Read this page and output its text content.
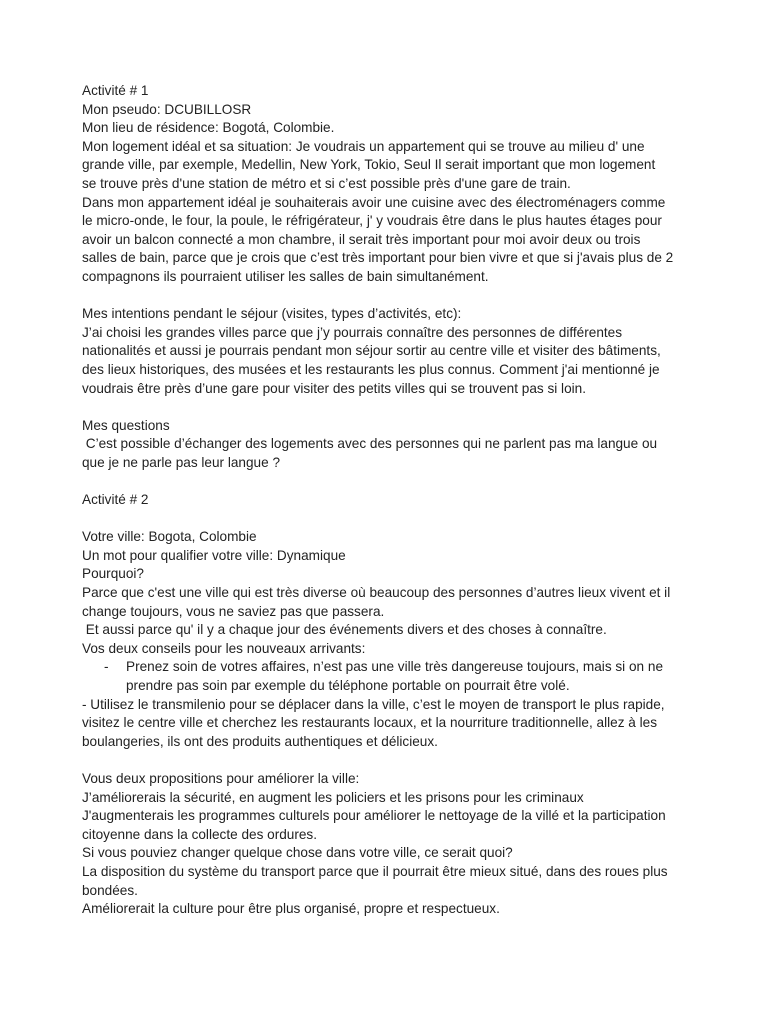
Activité # 1
Mon pseudo: DCUBILLOSR
Mon lieu de résidence: Bogotá, Colombie.
Mon logement idéal et sa situation: Je voudrais un appartement qui se trouve au milieu d' une
grande ville, par exemple, Medellin, New York, Tokio, Seul Il serait important que mon logement
se trouve près d'une station de métro et si c’est possible près d'une gare de train.
Dans mon appartement idéal je souhaiterais avoir une cuisine avec des électroménagers comme
le micro-onde, le four, la poule, le réfrigérateur, j' y voudrais être dans le plus hautes étages pour
avoir un balcon connecté a mon chambre, il serait très important pour moi avoir deux ou trois
salles de bain, parce que je crois que c’est très important pour bien vivre et que si j'avais plus de 2
compagnons ils pourraient utiliser les salles de bain simultanément.
Mes intentions pendant le séjour (visites, types d’activités, etc):
J’ai choisi les grandes villes parce que j’y pourrais connaître des personnes de différentes
nationalités et aussi je pourrais pendant mon séjour sortir au centre ville et visiter des bâtiments,
des lieux historiques, des musées et les restaurants les plus connus. Comment j'ai mentionné je
voudrais être près d’une gare pour visiter des petits villes qui se trouvent pas si loin.
Mes questions
C’est possible d’échanger des logements avec des personnes qui ne parlent pas ma langue ou
que je ne parle pas leur langue ?
Activité # 2
Votre ville: Bogota, Colombie
Un mot pour qualifier votre ville: Dynamique
Pourquoi?
Parce que c'est une ville qui est très diverse où beaucoup des personnes d’autres lieux vivent et il
change toujours, vous ne saviez pas que passera.
Et aussi parce qu' il y a chaque jour des événements divers et des choses à connaître.
Vos deux conseils pour les nouveaux arrivants:
- Prenez soin de votres affaires, n’est pas une ville très dangereuse toujours, mais si on ne
prendre pas soin par exemple du téléphone portable on pourrait être volé.
- Utilisez le transmilenio pour se déplacer dans la ville, c’est le moyen de transport le plus rapide,
visitez le centre ville et cherchez les restaurants locaux, et la nourriture traditionnelle, allez à les
boulangeries, ils ont des produits authentiques et délicieux.
Vous deux propositions pour améliorer la ville:
J’améliorerais la sécurité, en augment les policiers et les prisons pour les criminaux
J'augmenterais les programmes culturels pour améliorer le nettoyage de la villé et la participation
citoyenne dans la collecte des ordures.
Si vous pouviez changer quelque chose dans votre ville, ce serait quoi?
La disposition du système du transport parce que il pourrait être mieux situé, dans des roues plus
bondées.
Améliorerait la culture pour être plus organisé, propre et respectueux.
